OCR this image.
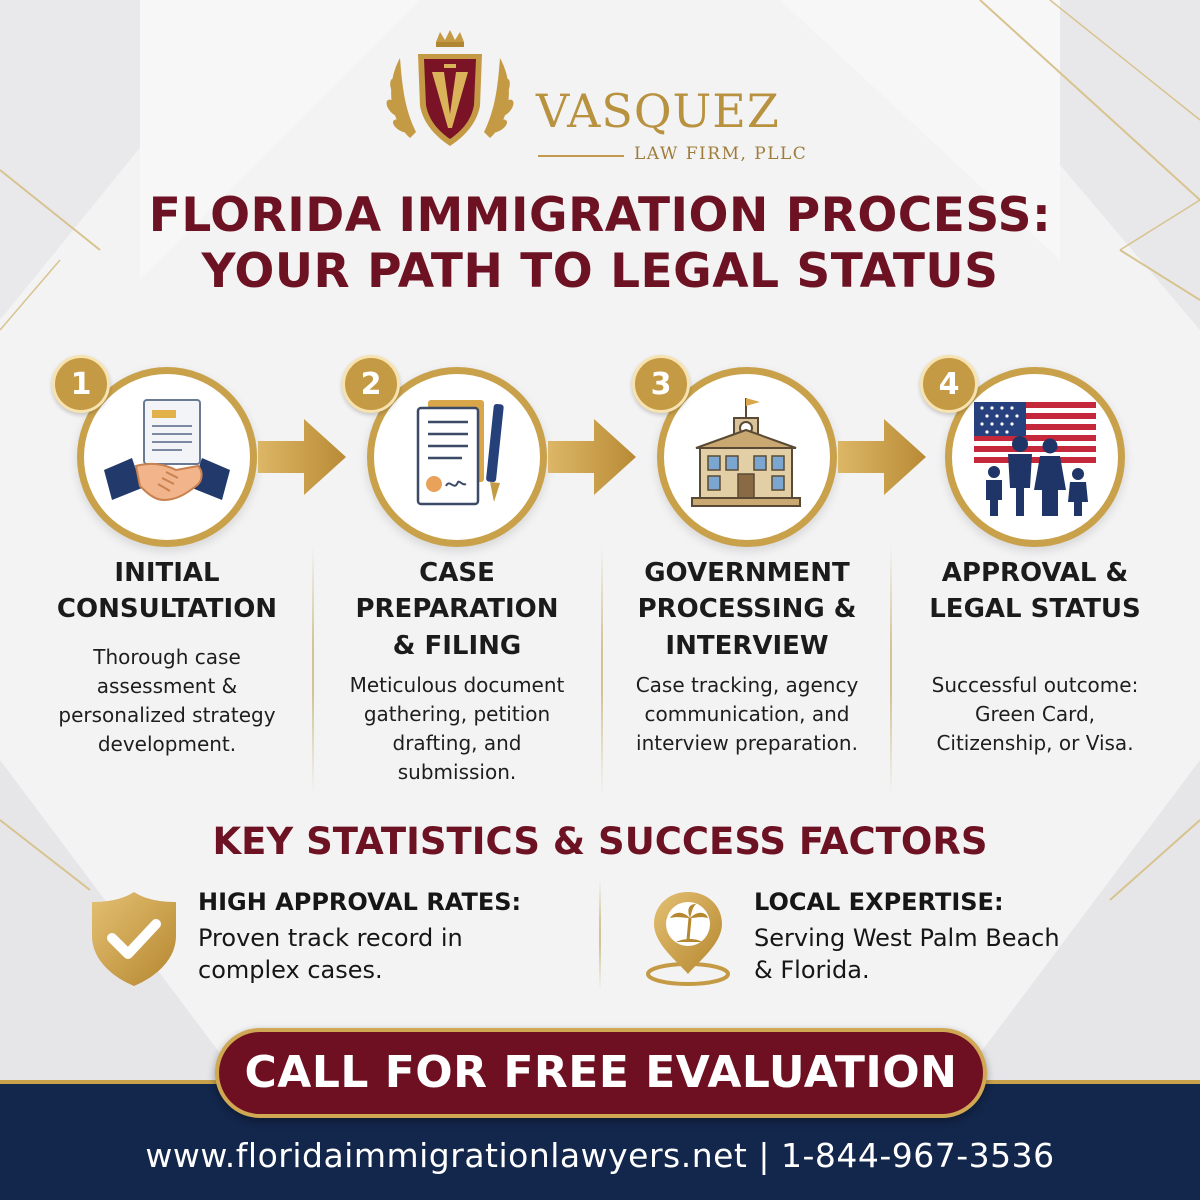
VASQUEZ
LAW FIRM, PLLC
FLORIDA IMMIGRATION PROCESS:
YOUR PATH TO LEGAL STATUS
1
INITIAL
CONSULTATION
Thorough case
assessment &
personalized strategy
development.
2
CASE
PREPARATION
& FILING
Meticulous document
gathering, petition
drafting, and
submission.
3
GOVERNMENT
PROCESSING &
INTERVIEW
Case tracking, agency
communication, and
interview preparation.
4
APPROVAL &
LEGAL STATUS
Successful outcome:
Green Card,
Citizenship, or Visa.
KEY STATISTICS & SUCCESS FACTORS
HIGH APPROVAL RATES:
Proven track record in
complex cases.
LOCAL EXPERTISE:
Serving West Palm Beach
& Florida.
www.floridaimmigrationlawyers.net | 1-844-967-3536
CALL FOR FREE EVALUATION
